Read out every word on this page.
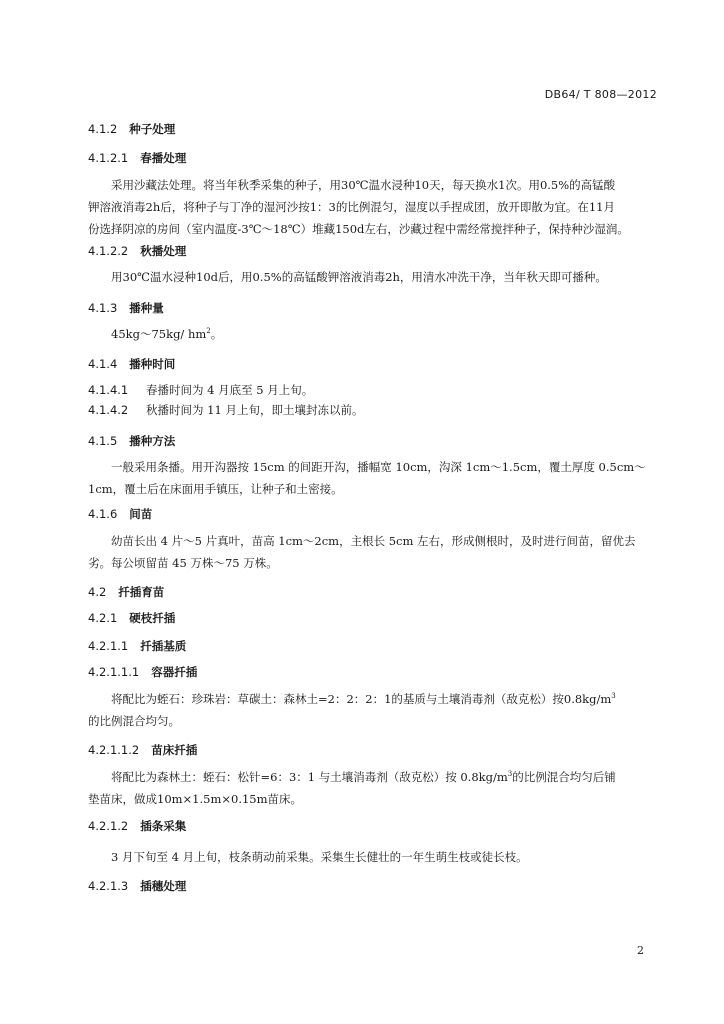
DB64/ T 808—2012
4.1.2 种子处理
4.1.2.1 春播处理
采用沙藏法处理。将当年秋季采集的种子，用30℃温水浸种10天，每天换水1次。用0.5%的高锰酸
钾溶液消毒2h后，将种子与丁净的湿河沙按1：3的比例混匀，湿度以手捏成团，放开即散为宜。在11月
份选择阴凉的房间（室内温度-3℃～18℃）堆藏150d左右，沙藏过程中需经常搅拌种子，保持种沙湿润。
4.1.2.2 秋播处理
用30℃温水浸种10d后，用0.5%的高锰酸钾溶液消毒2h，用清水冲洗干净，当年秋天即可播种。
4.1.3 播种量
45kg～75kg/ $hm^2$。
4.1.4 播种时间
4.1.4.1 春播时间为 4 月底至 5 月上旬。
4.1.4.2 秋播时间为 11 月上旬，即土壤封冻以前。
4.1.5 播种方法
一般采用条播。用开沟器按 15cm 的间距开沟，播幅宽 10cm，沟深 1cm～1.5cm，覆土厚度 0.5cm～
1cm，覆土后在床面用手镇压，让种子和土密接。
4.1.6 间苗
幼苗长出 4 片～5 片真叶，苗高 1cm～2cm，主根长 5cm 左右，形成侧根时，及时进行间苗，留优去
劣。每公顷留苗 45 万株～75 万株。
4.2 扦插育苗
4.2.1 硬枝扦插
4.2.1.1 扦插基质
4.2.1.1.1 容器扦插
将配比为蛭石：珍珠岩：草碳土：森林土=2：2：2：1的基质与土壤消毒剂（敌克松）按$0.8kg/m^3$
的比例混合均匀。
4.2.1.1.2 苗床扦插
将配比为森林土：蛭石：松针=6：3：1 与土壤消毒剂（敌克松）按 $0.8kg/m^3$的比例混合均匀后铺
垫苗床，做成10m×1.5m×0.15m苗床。
4.2.1.2 插条采集
3 月下旬至 4 月上旬，枝条萌动前采集。采集生长健壮的一年生萌生枝或徒长枝。
4.2.1.3 插穗处理
2
